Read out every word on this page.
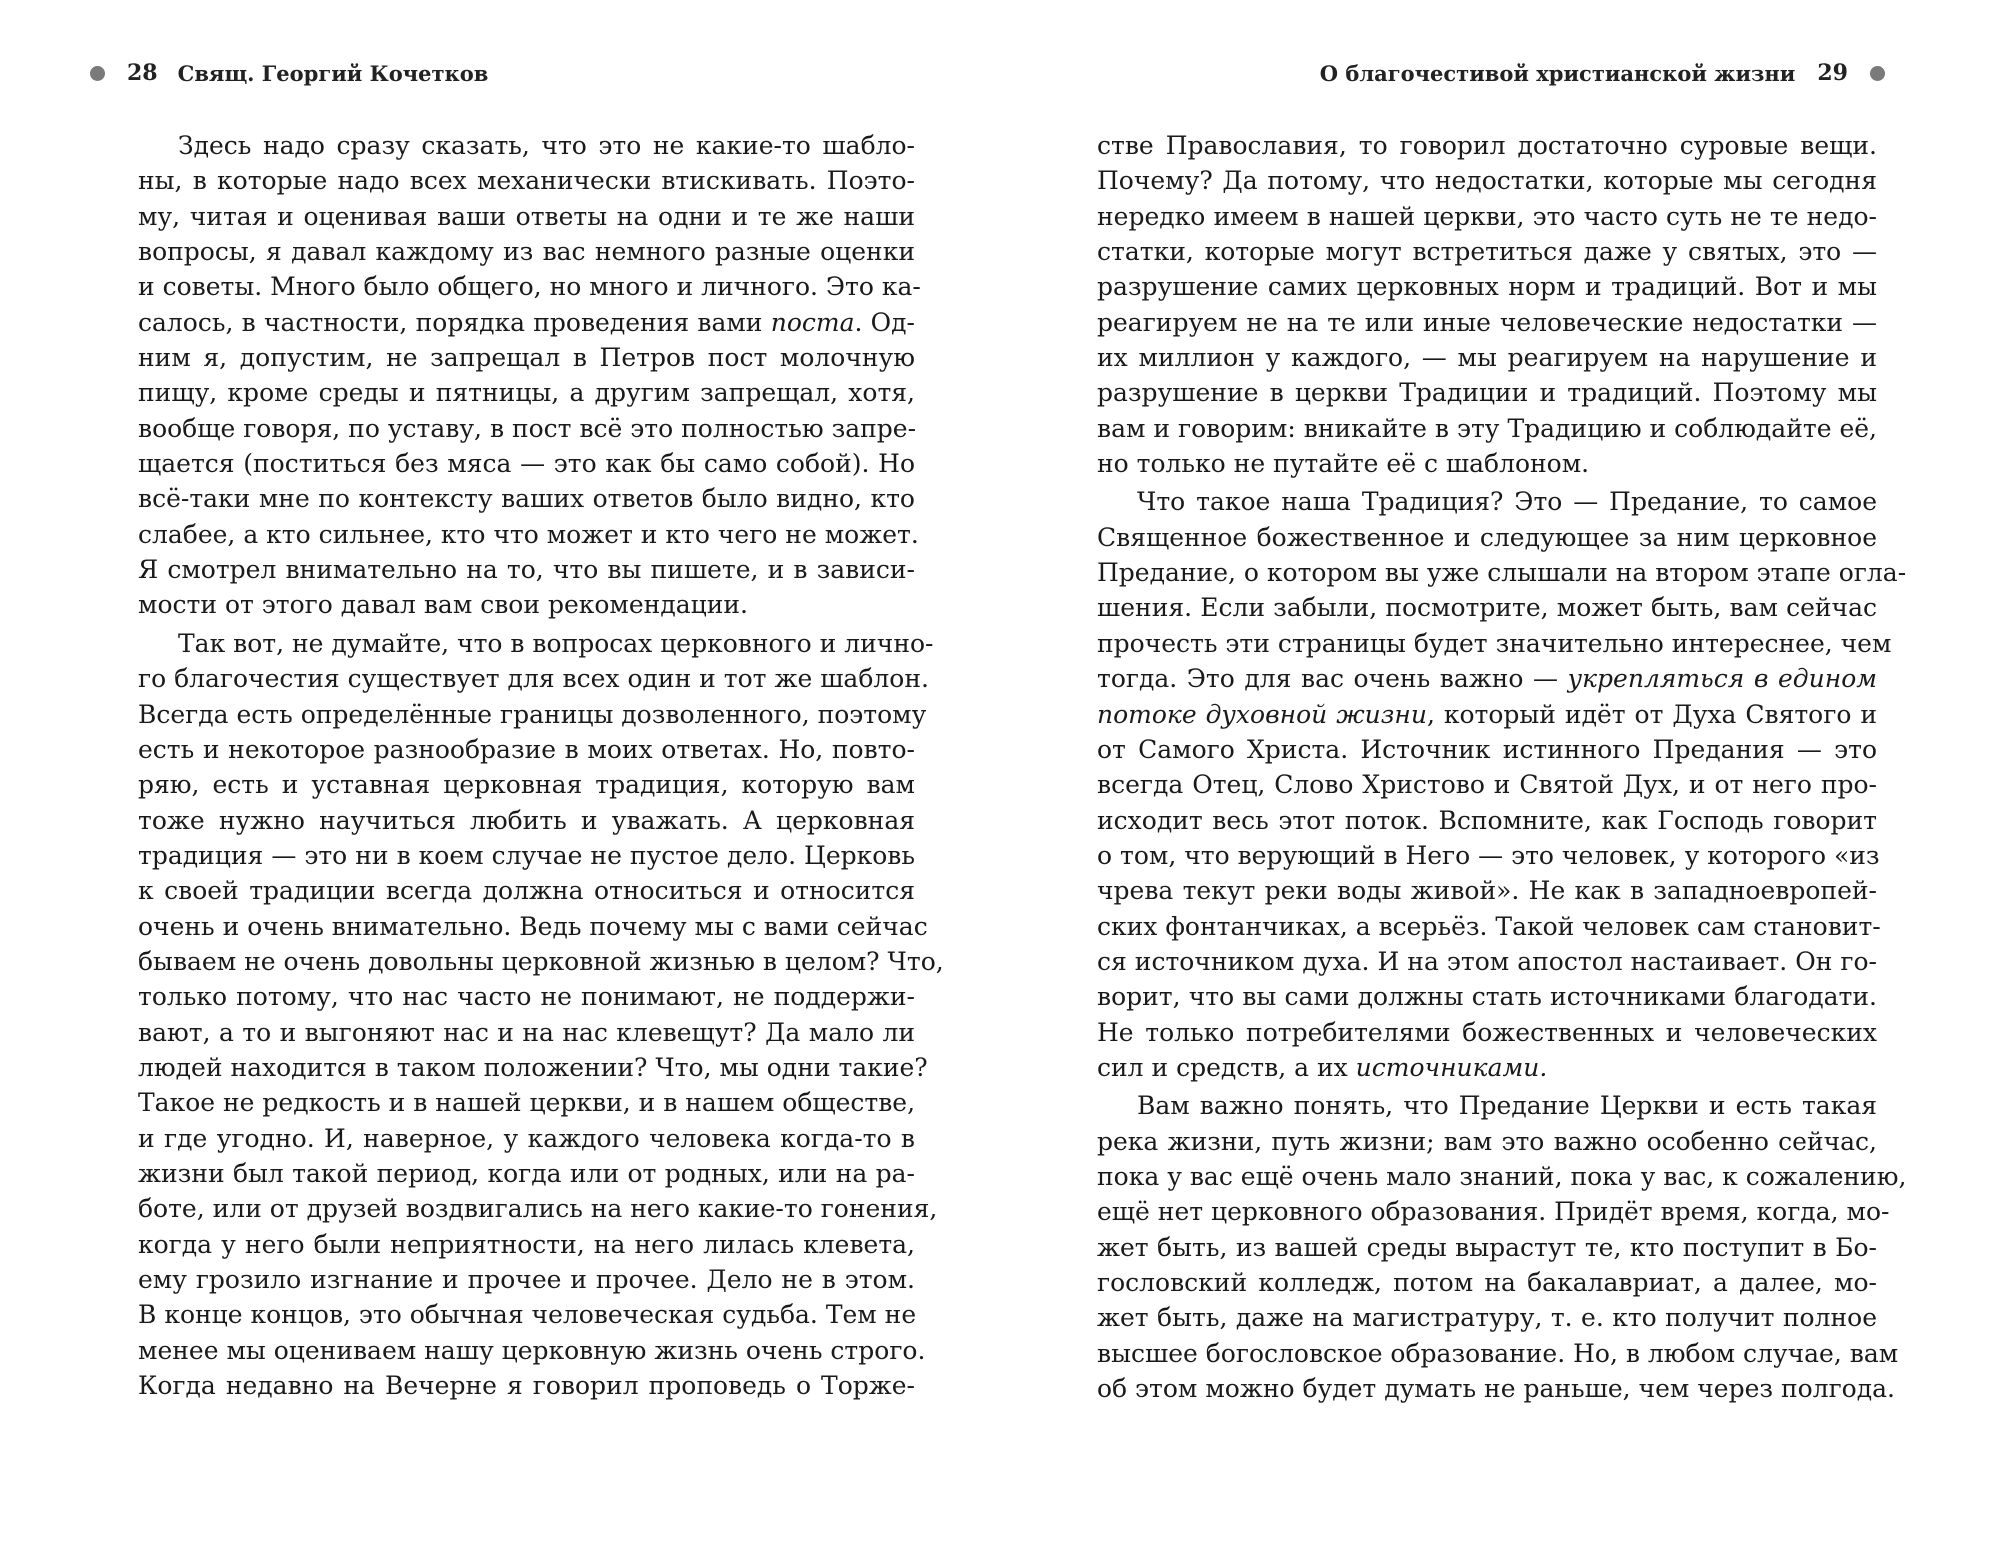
28 Свящ. Георгий Кочетков
Здесь надо сразу сказать, что это не какие-то шабло-
ны, в которые надо всех механически втискивать. Поэто-
му, читая и оценивая ваши ответы на одни и те же наши
вопросы, я давал каждому из вас немного разные оценки
и советы. Много было общего, но много и личного. Это ка-
салось, в частности, порядка проведения вами поста. Од-
ним я, допустим, не запрещал в Петров пост молочную
пищу, кроме среды и пятницы, а другим запрещал, хотя,
вообще говоря, по уставу, в пост всё это полностью запре-
щается (поститься без мяса — это как бы само собой). Но
всё-таки мне по контексту ваших ответов было видно, кто
слабее, а кто сильнее, кто что может и кто чего не может.
Я смотрел внимательно на то, что вы пишете, и в зависи-
мости от этого давал вам свои рекомендации.
Так вот, не думайте, что в вопросах церковного и лично-
го благочестия существует для всех один и тот же шаблон.
Всегда есть определённые границы дозволенного, поэтому
есть и некоторое разнообразие в моих ответах. Но, повто-
ряю, есть и уставная церковная традиция, которую вам
тоже нужно научиться любить и уважать. А церковная
традиция — это ни в коем случае не пустое дело. Церковь
к своей традиции всегда должна относиться и относится
очень и очень внимательно. Ведь почему мы с вами сейчас
бываем не очень довольны церковной жизнью в целом? Что,
только потому, что нас часто не понимают, не поддержи-
вают, а то и выгоняют нас и на нас клевещут? Да мало ли
людей находится в таком положении? Что, мы одни такие?
Такое не редкость и в нашей церкви, и в нашем обществе,
и где угодно. И, наверное, у каждого человека когда-то в
жизни был такой период, когда или от родных, или на ра-
боте, или от друзей воздвигались на него какие-то гонения,
когда у него были неприятности, на него лилась клевета,
ему грозило изгнание и прочее и прочее. Дело не в этом.
В конце концов, это обычная человеческая судьба. Тем не
менее мы оцениваем нашу церковную жизнь очень строго.
Когда недавно на Вечерне я говорил проповедь о Торже-
О благочестивой христианской жизни 29
стве Православия, то говорил достаточно суровые вещи.
Почему? Да потому, что недостатки, которые мы сегодня
нередко имеем в нашей церкви, это часто суть не те недо-
статки, которые могут встретиться даже у святых, это —
разрушение самих церковных норм и традиций. Вот и мы
реагируем не на те или иные человеческие недостатки —
их миллион у каждого, — мы реагируем на нарушение и
разрушение в церкви Традиции и традиций. Поэтому мы
вам и говорим: вникайте в эту Традицию и соблюдайте её,
но только не путайте её с шаблоном.
Что такое наша Традиция? Это — Предание, то самое
Священное божественное и следующее за ним церковное
Предание, о котором вы уже слышали на втором этапе огла-
шения. Если забыли, посмотрите, может быть, вам сейчас
прочесть эти страницы будет значительно интереснее, чем
тогда. Это для вас очень важно — укрепляться в едином
потоке духовной жизни, который идёт от Духа Святого и
от Самого Христа. Источник истинного Предания — это
всегда Отец, Слово Христово и Святой Дух, и от него про-
исходит весь этот поток. Вспомните, как Господь говорит
о том, что верующий в Него — это человек, у которого «из
чрева текут реки воды живой». Не как в западноевропей-
ских фонтанчиках, а всерьёз. Такой человек сам становит-
ся источником духа. И на этом апостол настаивает. Он го-
ворит, что вы сами должны стать источниками благодати.
Не только потребителями божественных и человеческих
сил и средств, а их источниками.
Вам важно понять, что Предание Церкви и есть такая
река жизни, путь жизни; вам это важно особенно сейчас,
пока у вас ещё очень мало знаний, пока у вас, к сожалению,
ещё нет церковного образования. Придёт время, когда, мо-
жет быть, из вашей среды вырастут те, кто поступит в Бо-
гословский колледж, потом на бакалавриат, а далее, мо-
жет быть, даже на магистратуру, т. е. кто получит полное
высшее богословское образование. Но, в любом случае, вам
об этом можно будет думать не раньше, чем через полгода.
